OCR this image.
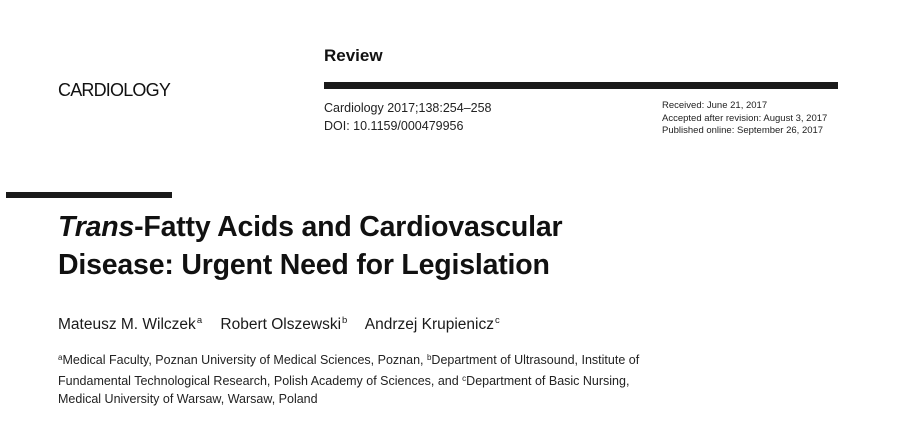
CARDIOLOGY
Review
Cardiology 2017;138:254–258
DOI: 10.1159/000479956
Received: June 21, 2017
Accepted after revision: August 3, 2017
Published online: September 26, 2017
Trans-Fatty Acids and Cardiovascular
Disease: Urgent Need for Legislation
Mateusz M. Wilczek$^a$ Robert Olszewski$^b$ Andrzej Krupienicz$^c$
$^a$Medical Faculty, Poznan University of Medical Sciences, Poznan, $^b$Department of Ultrasound, Institute of Fundamental Technological Research, Polish Academy of Sciences, and $^c$Department of Basic Nursing, Medical University of Warsaw, Warsaw, Poland
